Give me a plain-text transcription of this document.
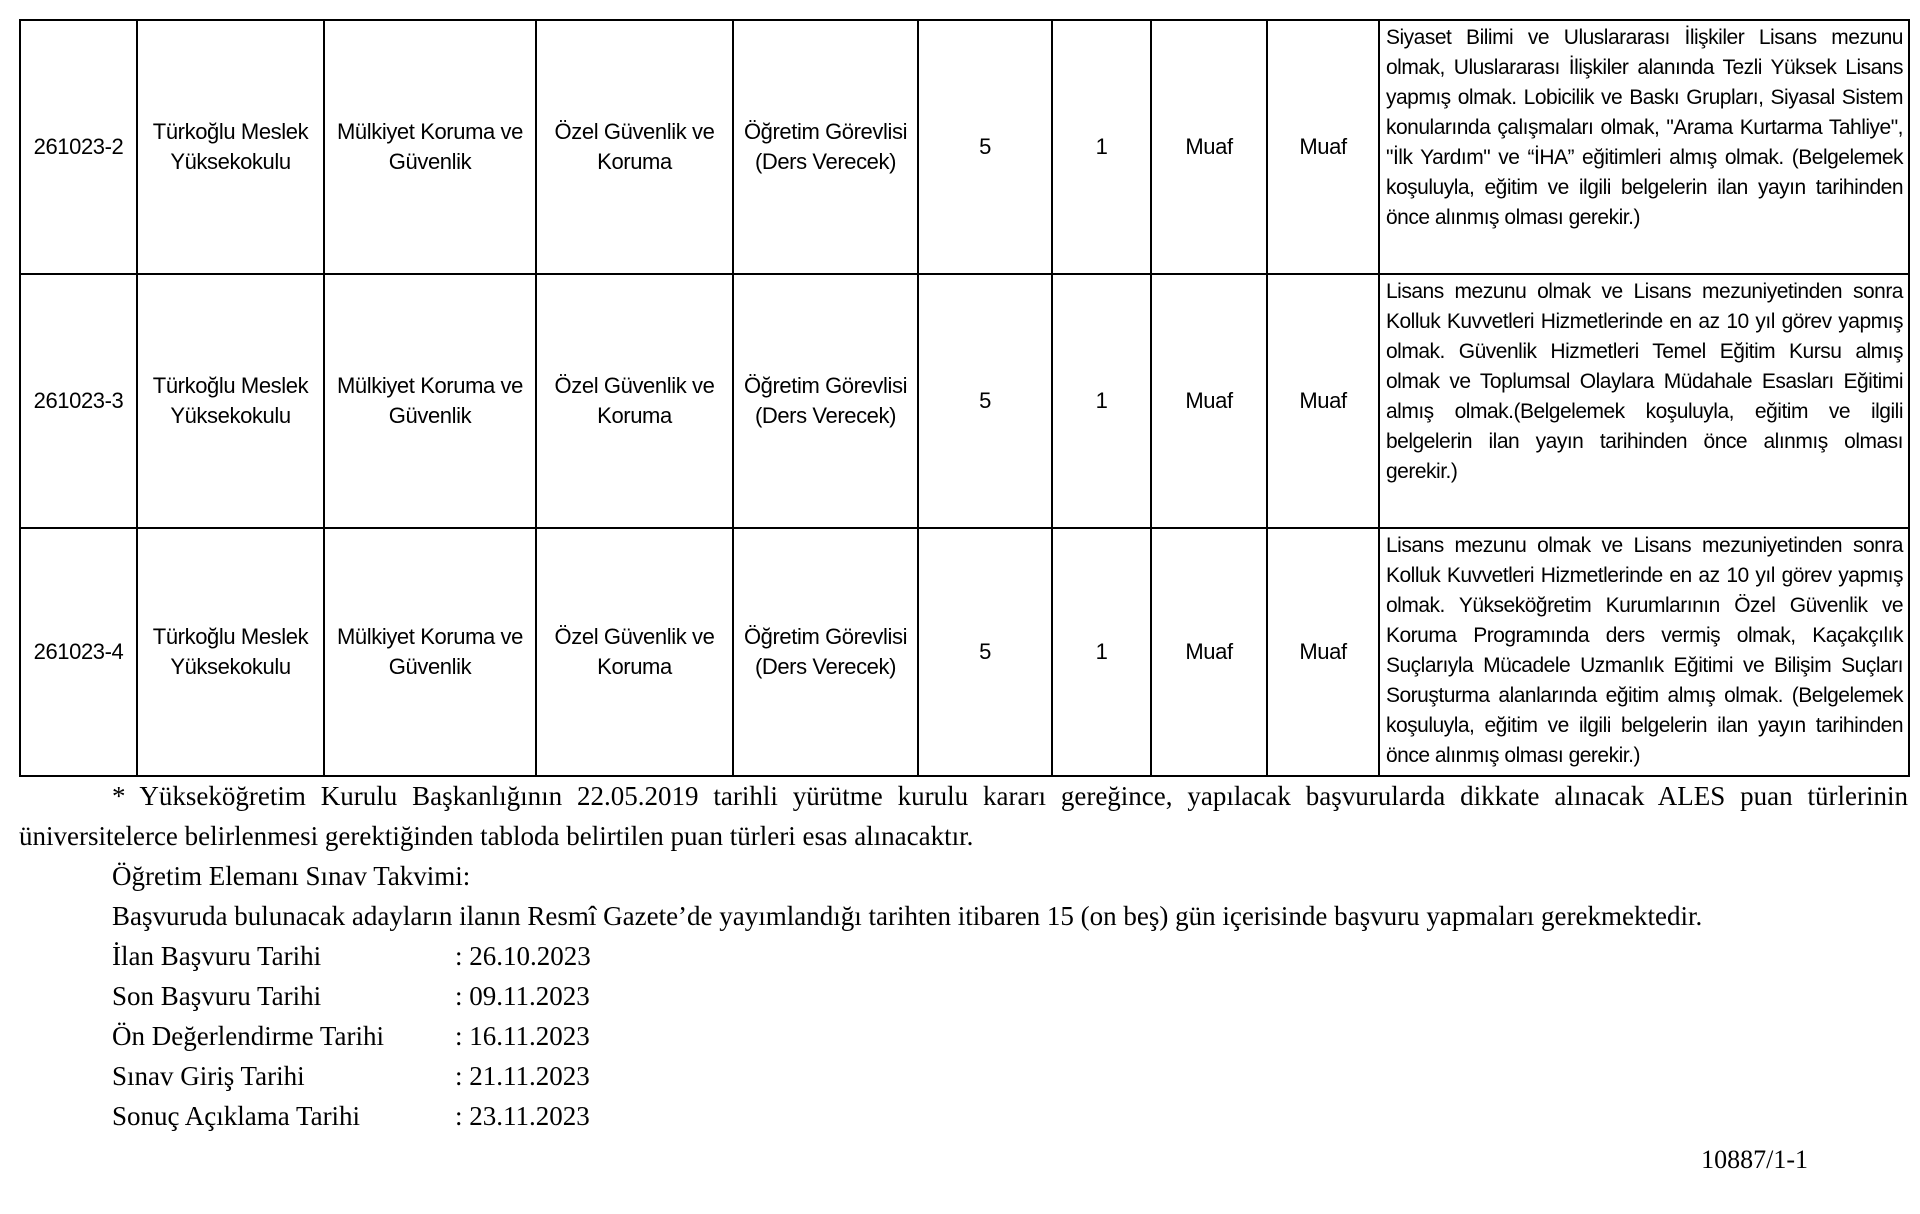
261023-2	Türkoğlu Meslek Yüksekokulu	Mülkiyet Koruma ve Güvenlik	Özel Güvenlik ve Koruma	Öğretim Görevlisi (Ders Verecek)	5	1	Muaf	Muaf	Siyaset Bilimi ve Uluslararası İlişkiler Lisans mezunu olmak, Uluslararası İlişkiler alanında Tezli Yüksek Lisans yapmış olmak. Lobicilik ve Baskı Grupları, Siyasal Sistem konularında çalışmaları olmak, "Arama Kurtarma Tahliye", "İlk Yardım" ve “İHA” eğitimleri almış olmak. (Belgelemek koşuluyla, eğitim ve ilgili belgelerin ilan yayın tarihinden önce alınmış olması gerekir.)
261023-3	Türkoğlu Meslek Yüksekokulu	Mülkiyet Koruma ve Güvenlik	Özel Güvenlik ve Koruma	Öğretim Görevlisi (Ders Verecek)	5	1	Muaf	Muaf	Lisans mezunu olmak ve Lisans mezuniyetinden sonra Kolluk Kuvvetleri Hizmetlerinde en az 10 yıl görev yapmış olmak. Güvenlik Hizmetleri Temel Eğitim Kursu almış olmak ve Toplumsal Olaylara Müdahale Esasları Eğitimi almış olmak.(Belgelemek koşuluyla, eğitim ve ilgili belgelerin ilan yayın tarihinden önce alınmış olması gerekir.)
261023-4	Türkoğlu Meslek Yüksekokulu	Mülkiyet Koruma ve Güvenlik	Özel Güvenlik ve Koruma	Öğretim Görevlisi (Ders Verecek)	5	1	Muaf	Muaf	Lisans mezunu olmak ve Lisans mezuniyetinden sonra Kolluk Kuvvetleri Hizmetlerinde en az 10 yıl görev yapmış olmak. Yükseköğretim Kurumlarının Özel Güvenlik ve Koruma Programında ders vermiş olmak, Kaçakçılık Suçlarıyla Mücadele Uzmanlık Eğitimi ve Bilişim Suçları Soruşturma alanlarında eğitim almış olmak. (Belgelemek koşuluyla, eğitim ve ilgili belgelerin ilan yayın tarihinden önce alınmış olması gerekir.)

* Yükseköğretim Kurulu Başkanlığının 22.05.2019 tarihli yürütme kurulu kararı gereğince, yapılacak başvurularda dikkate alınacak ALES puan türlerinin üniversitelerce belirlenmesi gerektiğinden tabloda belirtilen puan türleri esas alınacaktır.

Öğretim Elemanı Sınav Takvimi:

Başvuruda bulunacak adayların ilanın Resmî Gazete’de yayımlandığı tarihten itibaren 15 (on beş) gün içerisinde başvuru yapmaları gerekmektedir.

İlan Başvuru Tarihi	: 26.10.2023
Son Başvuru Tarihi	: 09.11.2023
Ön Değerlendirme Tarihi	: 16.11.2023
Sınav Giriş Tarihi	: 21.11.2023
Sonuç Açıklama Tarihi	: 23.11.2023
10887/1-1
